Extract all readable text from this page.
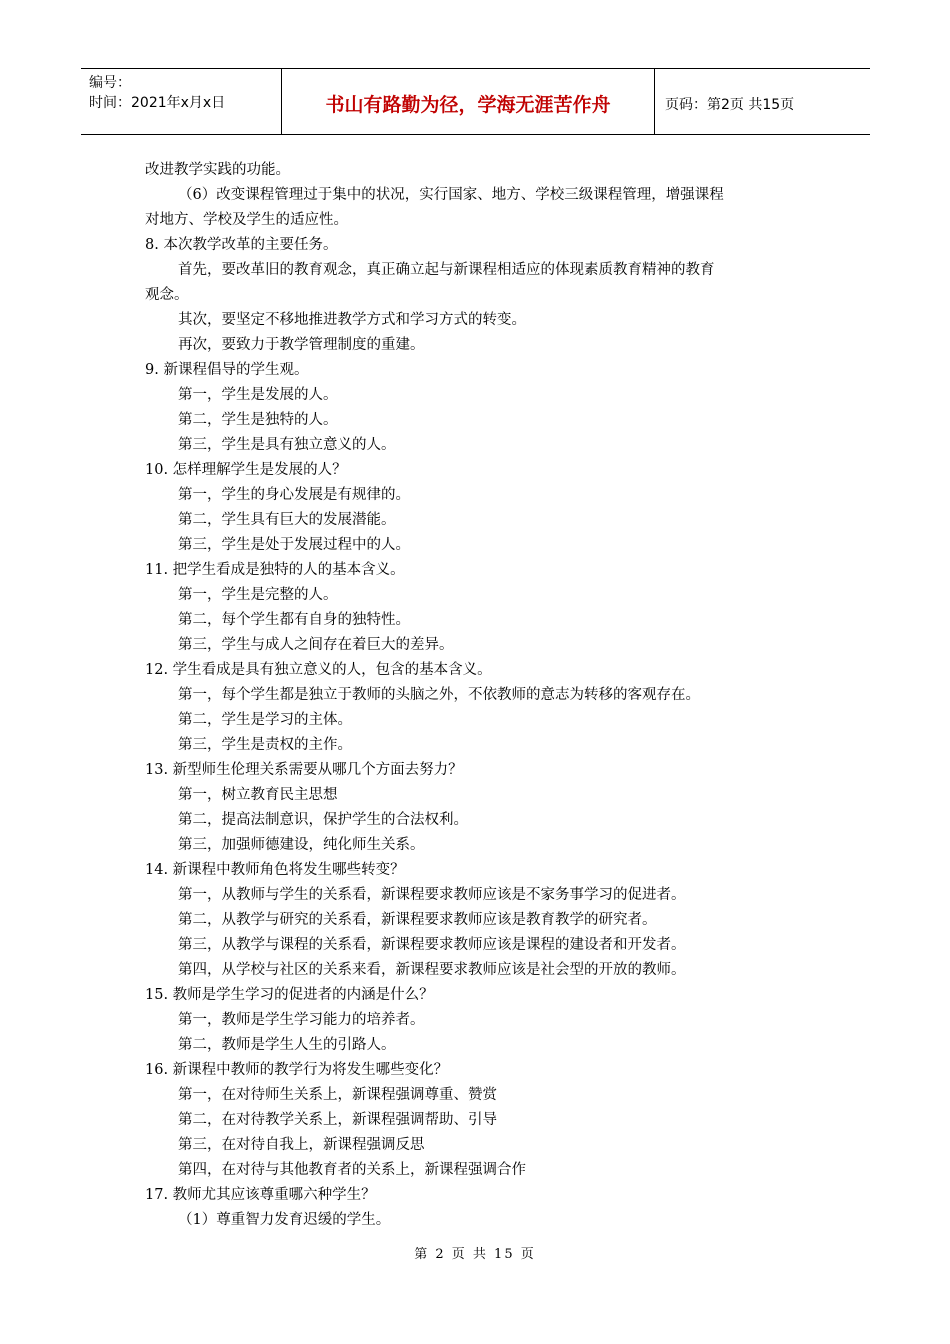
编号：
时间：2021年x月x日	书山有路勤为径，学海无涯苦作舟	页码：第2页 共15页
改进教学实践的功能。
（6）改变课程管理过于集中的状况，实行国家、地方、学校三级课程管理，增强课程
对地方、学校及学生的适应性。
8. 本次教学改革的主要任务。
首先，要改革旧的教育观念，真正确立起与新课程相适应的体现素质教育精神的教育
观念。
其次，要坚定不移地推进教学方式和学习方式的转变。
再次，要致力于教学管理制度的重建。
9. 新课程倡导的学生观。
第一，学生是发展的人。
第二，学生是独特的人。
第三，学生是具有独立意义的人。
10. 怎样理解学生是发展的人？
第一，学生的身心发展是有规律的。
第二，学生具有巨大的发展潜能。
第三，学生是处于发展过程中的人。
11. 把学生看成是独特的人的基本含义。
第一，学生是完整的人。
第二，每个学生都有自身的独特性。
第三，学生与成人之间存在着巨大的差异。
12. 学生看成是具有独立意义的人，包含的基本含义。
第一，每个学生都是独立于教师的头脑之外，不依教师的意志为转移的客观存在。
第二，学生是学习的主体。
第三，学生是责权的主作。
13. 新型师生伦理关系需要从哪几个方面去努力？
第一，树立教育民主思想
第二，提高法制意识，保护学生的合法权利。
第三，加强师德建设，纯化师生关系。
14. 新课程中教师角色将发生哪些转变？
第一，从教师与学生的关系看，新课程要求教师应该是不家务事学习的促进者。
第二，从教学与研究的关系看，新课程要求教师应该是教育教学的研究者。
第三，从教学与课程的关系看，新课程要求教师应该是课程的建设者和开发者。
第四，从学校与社区的关系来看，新课程要求教师应该是社会型的开放的教师。
15. 教师是学生学习的促进者的内涵是什么？
第一，教师是学生学习能力的培养者。
第二，教师是学生人生的引路人。
16. 新课程中教师的教学行为将发生哪些变化？
第一，在对待师生关系上，新课程强调尊重、赞赏
第二，在对待教学关系上，新课程强调帮助、引导
第三，在对待自我上，新课程强调反思
第四，在对待与其他教育者的关系上，新课程强调合作
17. 教师尤其应该尊重哪六种学生？
（1）尊重智力发育迟缓的学生。
第 2 页 共 15 页
